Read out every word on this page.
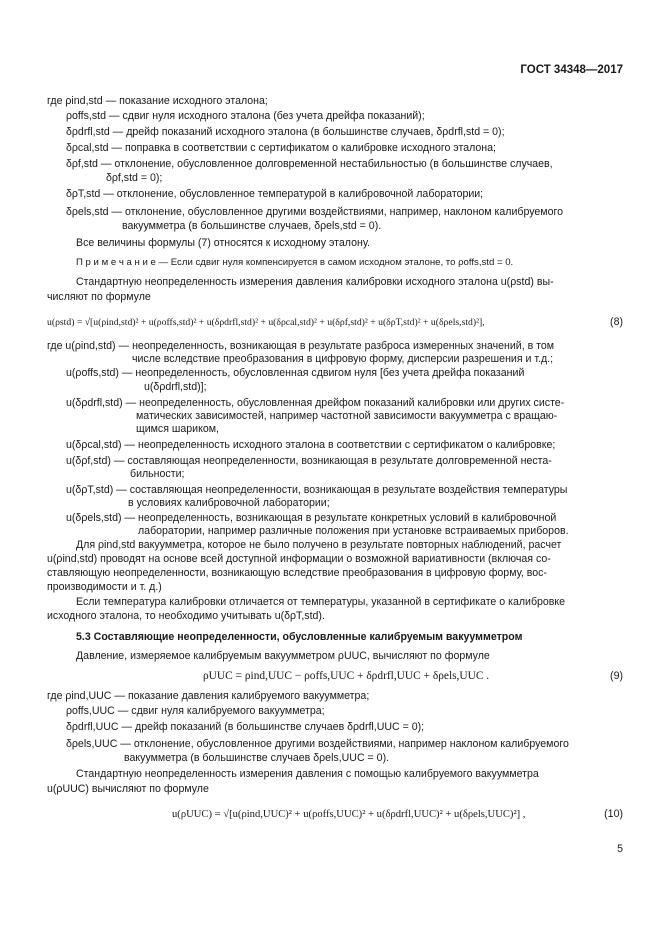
ГОСТ 34348—2017
где ρind,std — показание исходного эталона;
ρoffs,std — сдвиг нуля исходного эталона (без учета дрейфа показаний);
δρdrfl,std — дрейф показаний исходного эталона (в большинстве случаев, δρdrfl,std = 0);
δρcal,std — поправка в соответствии с сертификатом о калибровке исходного эталона;
δρf,std — отклонение, обусловленное долговременной нестабильностью (в большинстве случаев,
δρf,std = 0);
δρT,std — отклонение, обусловленное температурой в калибровочной лаборатории;
δρels,std — отклонение, обусловленное другими воздействиями, например, наклоном калибруемого
вакуумметра (в большинстве случаев, δρels,std = 0).
Все величины формулы (7) относятся к исходному эталону.
П р и м е ч а н и е — Если сдвиг нуля компенсируется в самом исходном эталоне, то ρoffs,std = 0.
Стандартную неопределенность измерения давления калибровки исходного эталона u(ρstd) вы-
числяют по формуле
u(ρstd) = √[u(ρind,std)² + u(ρoffs,std)² + u(δρdrfl,std)² + u(δρcal,std)² + u(δρf,std)² + u(δρT,std)² + u(δρels,std)²],	(8)
где u(ρind,std) — неопределенность, возникающая в результате разброса измеренных значений, в том
числе вследствие преобразования в цифровую форму, дисперсии разрешения и т.д.;
u(ρoffs,std) — неопределенность, обусловленная сдвигом нуля [без учета дрейфа показаний
u(δρdrfl,std)];
u(δρdrfl,std) — неопределенность, обусловленная дрейфом показаний калибровки или других систе-
матических зависимостей, например частотной зависимости вакуумметра с вращаю-
щимся шариком,
u(δρcal,std) — неопределенность исходного эталона в соответствии с сертификатом о калибровке;
u(δρf,std) — составляющая неопределенности, возникающая в результате долговременной неста-
бильности;
u(δρT,std) — составляющая неопределенности, возникающая в результате воздействия температуры
в условиях калибровочной лаборатории;
u(δρels,std) — неопределенность, возникающая в результате конкретных условий в калибровочной
лаборатории, например различные положения при установке встраиваемых приборов.
Для ρind,std вакуумметра, которое не было получено в результате повторных наблюдений, расчет
u(ρind,std) проводят на основе всей доступной информации о возможной вариативности (включая со-
ставляющую неопределенности, возникающую вследствие преобразования в цифровую форму, вос-
производимости и т. д.)
Если температура калибровки отличается от температуры, указанной в сертификате о калибровке
исходного эталона, то необходимо учитывать u(δρT,std).
5.3 Составляющие неопределенности, обусловленные калибруемым вакуумметром
Давление, измеряемое калибруемым вакуумметром ρUUC, вычисляют по формуле
ρUUC = ρind,UUC − ρoffs,UUC + δρdrfl,UUC + δρels,UUC .	(9)
где ρind,UUC — показание давления калибруемого вакуумметра;
ρoffs,UUC — сдвиг нуля калибруемого вакуумметра;
δρdrfl,UUC — дрейф показаний (в большинстве случаев δρdrfl,UUC = 0);
δρels,UUC — отклонение, обусловленное другими воздействиями, например наклоном калибруемого
вакуумметра (в большинстве случаев δρels,UUC = 0).
Стандартную неопределенность измерения давления с помощью калибруемого вакуумметра
u(ρUUC) вычисляют по формуле
u(ρUUC) = √[u(ρind,UUC)² + u(ρoffs,UUC)² + u(δρdrfl,UUC)² + u(δρels,UUC)²] ,	(10)
5
